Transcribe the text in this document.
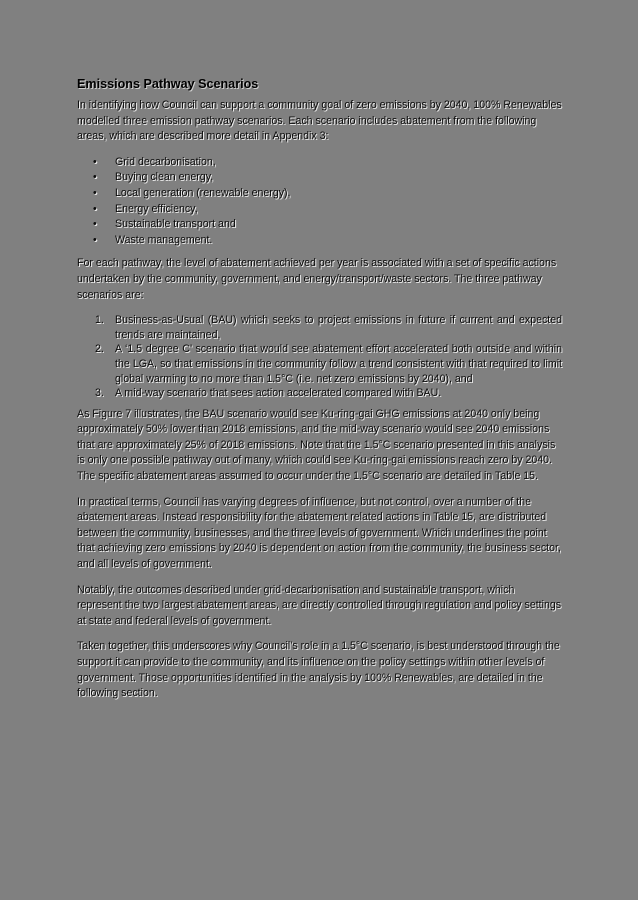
Emissions Pathway Scenarios

In identifying how Council can support a community goal of zero emissions by 2040, 100% Renewables modelled three emission pathway scenarios. Each scenario includes abatement from the following areas, which are described more detail in Appendix 3:

• Grid decarbonisation,
• Buying clean energy,
• Local generation (renewable energy),
• Energy efficiency,
• Sustainable transport and
• Waste management.

For each pathway, the level of abatement achieved per year is associated with a set of specific actions undertaken by the community, government, and energy/transport/waste sectors. The three pathway scenarios are:

1. Business-as-Usual (BAU) which seeks to project emissions in future if current and expected trends are maintained,
2. A ‘1.5 degree C’ scenario that would see abatement effort accelerated both outside and within the LGA, so that emissions in the community follow a trend consistent with that required to limit global warming to no more than 1.5°C (i.e. net zero emissions by 2040), and
3. A mid-way scenario that sees action accelerated compared with BAU.

As Figure 7 illustrates, the BAU scenario would see Ku-ring-gai GHG emissions at 2040 only being approximately 50% lower than 2018 emissions, and the mid-way scenario would see 2040 emissions that are approximately 25% of 2018 emissions. Note that the 1.5°C scenario presented in this analysis is only one possible pathway out of many, which could see Ku-ring-gai emissions reach zero by 2040. The specific abatement areas assumed to occur under the 1.5°C scenario are detailed in Table 15.

In practical terms, Council has varying degrees of influence, but not control, over a number of the abatement areas. Instead responsibility for the abatement related actions in Table 15, are distributed between the community, businesses, and the three levels of government. Which underlines the point that achieving zero emissions by 2040 is dependent on action from the community, the business sector, and all levels of government.

Notably, the outcomes described under grid-decarbonisation and sustainable transport, which represent the two largest abatement areas, are directly controlled through regulation and policy settings at state and federal levels of government.

Taken together, this underscores why Council’s role in a 1.5°C scenario, is best understood through the support it can provide to the community, and its influence on the policy settings within other levels of government. Those opportunities identified in the analysis by 100% Renewables, are detailed in the following section.
